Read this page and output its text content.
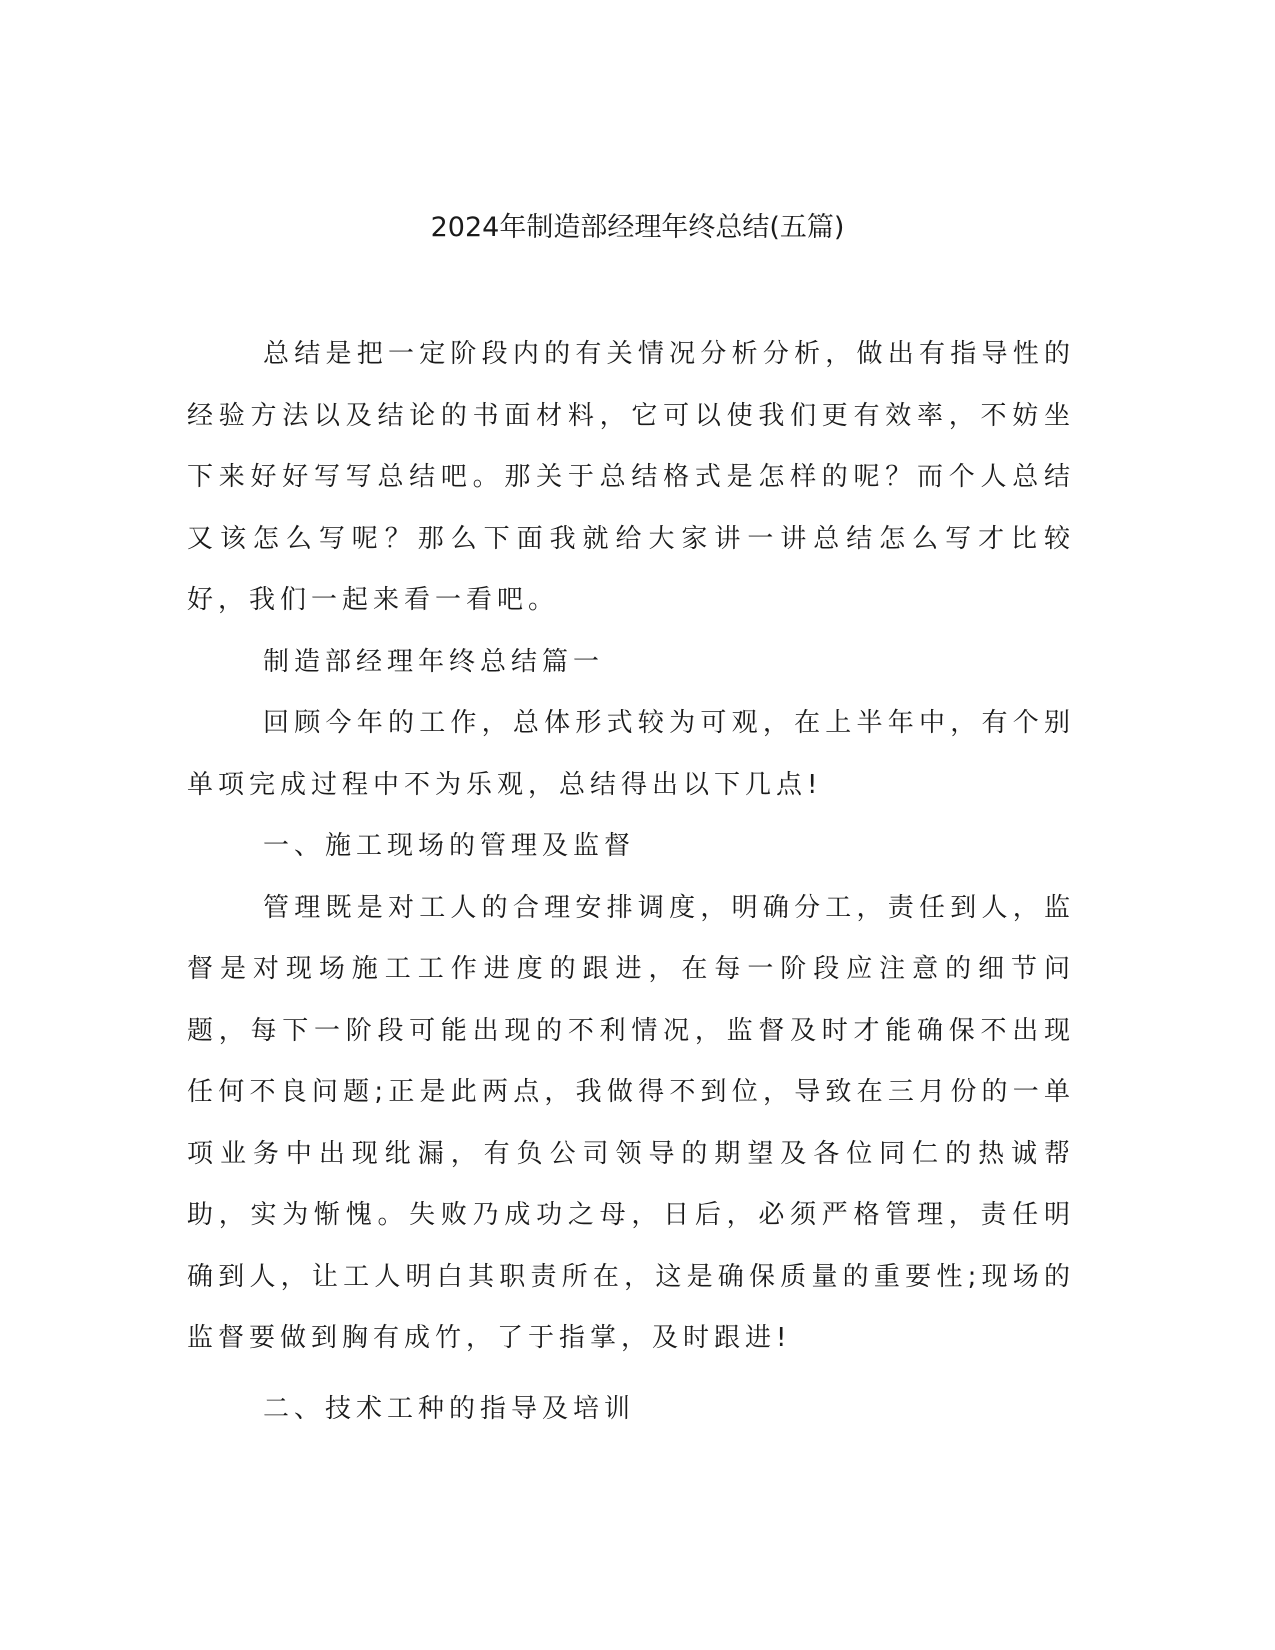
2024年制造部经理年终总结(五篇)

总结是把一定阶段内的有关情况分析分析，做出有指导性的经验方法以及结论的书面材料，它可以使我们更有效率，不妨坐下来好好写写总结吧。那关于总结格式是怎样的呢？而个人总结又该怎么写呢？那么下面我就给大家讲一讲总结怎么写才比较好，我们一起来看一看吧。

制造部经理年终总结篇一

回顾今年的工作，总体形式较为可观，在上半年中，有个别单项完成过程中不为乐观，总结得出以下几点!

一、施工现场的管理及监督

管理既是对工人的合理安排调度，明确分工，责任到人，监督是对现场施工工作进度的跟进，在每一阶段应注意的细节问题，每下一阶段可能出现的不利情况，监督及时才能确保不出现任何不良问题;正是此两点，我做得不到位，导致在三月份的一单项业务中出现纰漏，有负公司领导的期望及各位同仁的热诚帮助，实为惭愧。失败乃成功之母，日后，必须严格管理，责任明确到人，让工人明白其职责所在，这是确保质量的重要性;现场的监督要做到胸有成竹，了于指掌，及时跟进!

二、技术工种的指导及培训
